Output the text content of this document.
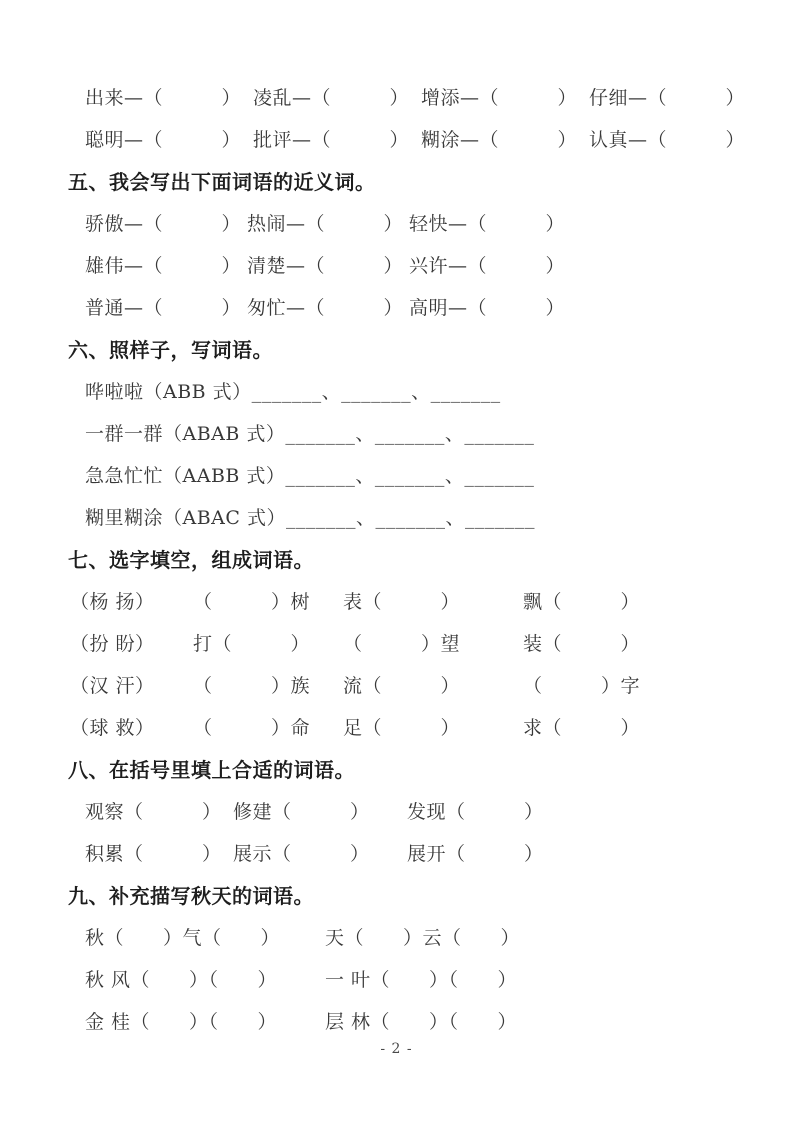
出来—（　　　） 凌乱—（　　　） 增添—（　　　） 仔细—（　　　）
聪明—（　　　） 批评—（　　　） 糊涂—（　　　） 认真—（　　　）
五、我会写出下面词语的近义词。
骄傲—（　　　） 热闹—（　　　） 轻快—（　　　）
雄伟—（　　　） 清楚—（　　　） 兴许—（　　　）
普通—（　　　） 匆忙—（　　　） 高明—（　　　）
六、照样子，写词语。
哗啦啦（ABB 式）_______、_______、_______
一群一群（ABAB 式）_______、_______、_______
急急忙忙（AABB 式）_______、_______、_______
糊里糊涂（ABAC 式）_______、_______、_______
七、选字填空，组成词语。
（杨 扬）	（　　　）树	表（　　　）	飘（　　　）
（扮 盼）	打（　　　）	（　　　）望	装（　　　）
（汉 汗）	（　　　）族	流（　　　）	（　　　）字
（球 救）	（　　　）命	足（　　　）	求（　　　）
八、在括号里填上合适的词语。
观察（　　　） 修建（　　　）	发现（　　　）
积累（　　　） 展示（　　　）	展开（　　　）
九、补充描写秋天的词语。
秋（　　）气（　　）	天（　　）云（　　）
秋 风（　　）（　　）	一 叶（　　）（　　）
金 桂（　　）（　　）	层 林（　　）（　　）
- 2 -
